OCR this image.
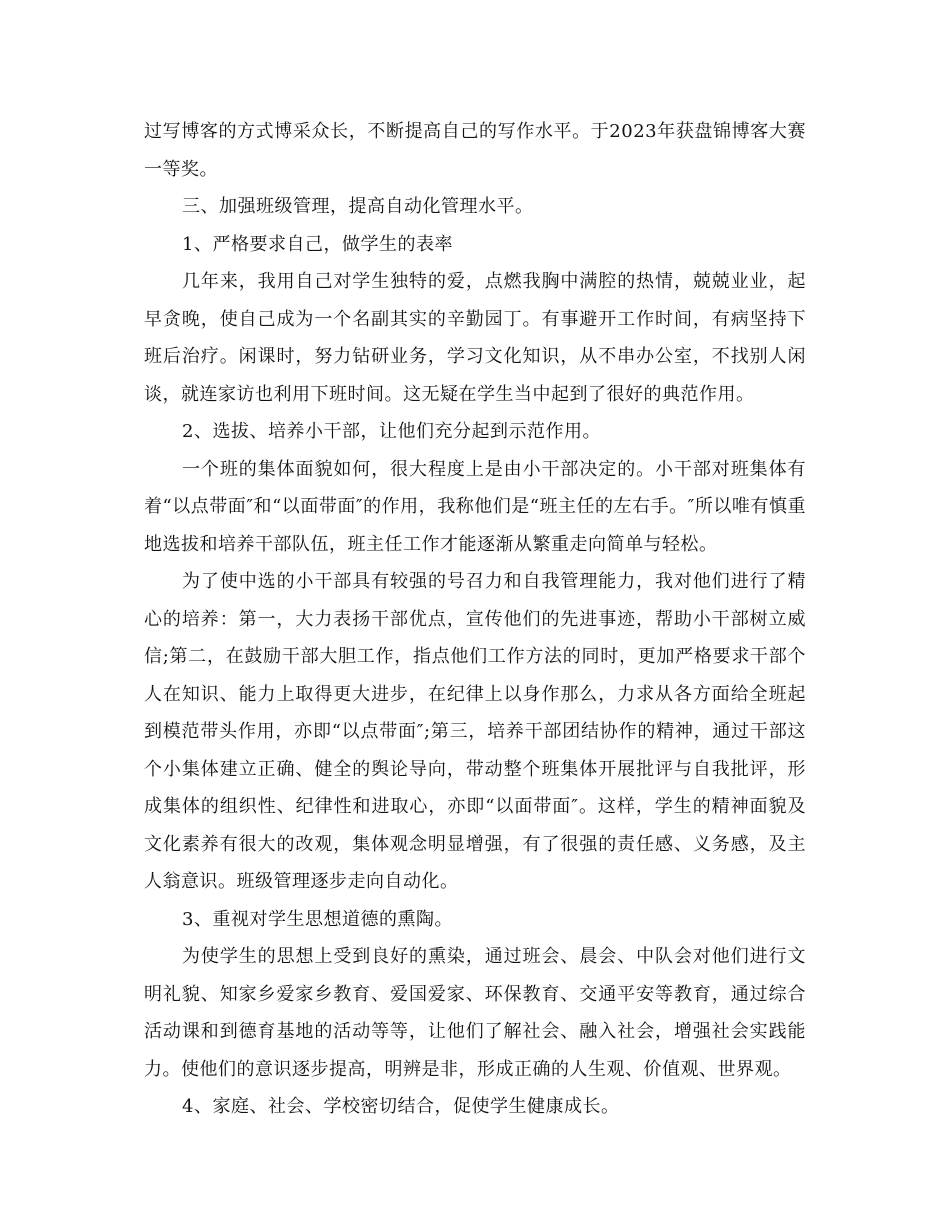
过写博客的方式博采众长，不断提高自己的写作水平。于2023年获盘锦博客大赛一等奖。

三、加强班级管理，提高自动化管理水平。

1、严格要求自己，做学生的表率

几年来，我用自己对学生独特的爱，点燃我胸中满腔的热情，兢兢业业，起早贪晚，使自己成为一个名副其实的辛勤园丁。有事避开工作时间，有病坚持下班后治疗。闲课时，努力钻研业务，学习文化知识，从不串办公室，不找别人闲谈，就连家访也利用下班时间。这无疑在学生当中起到了很好的典范作用。

2、选拔、培养小干部，让他们充分起到示范作用。

一个班的集体面貌如何，很大程度上是由小干部决定的。小干部对班集体有着“以点带面″和“以面带面″的作用，我称他们是“班主任的左右手。″所以唯有慎重地选拔和培养干部队伍，班主任工作才能逐渐从繁重走向简单与轻松。

为了使中选的小干部具有较强的号召力和自我管理能力，我对他们进行了精心的培养：第一，大力表扬干部优点，宣传他们的先进事迹，帮助小干部树立威信;第二，在鼓励干部大胆工作，指点他们工作方法的同时，更加严格要求干部个人在知识、能力上取得更大进步，在纪律上以身作那么，力求从各方面给全班起到模范带头作用，亦即“以点带面″;第三，培养干部团结协作的精神，通过干部这个小集体建立正确、健全的舆论导向，带动整个班集体开展批评与自我批评，形成集体的组织性、纪律性和进取心，亦即“以面带面″。这样，学生的精神面貌及文化素养有很大的改观，集体观念明显增强，有了很强的责任感、义务感，及主人翁意识。班级管理逐步走向自动化。

3、重视对学生思想道德的熏陶。

为使学生的思想上受到良好的熏染，通过班会、晨会、中队会对他们进行文明礼貌、知家乡爱家乡教育、爱国爱家、环保教育、交通平安等教育，通过综合活动课和到德育基地的活动等等，让他们了解社会、融入社会，增强社会实践能力。使他们的意识逐步提高，明辨是非，形成正确的人生观、价值观、世界观。

4、家庭、社会、学校密切结合，促使学生健康成长。
